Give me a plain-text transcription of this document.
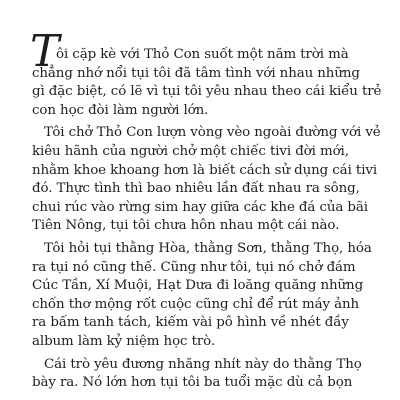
T

ôi cặp kè với Thỏ Con suốt một năm trời mà

chẳng nhớ nổi tụi tôi đã tâm tình với nhau những

gì đặc biệt, có lẽ vì tụi tôi yêu nhau theo cái kiểu trẻ

con học đòi làm người lớn.

Tôi chở Thỏ Con lượn vòng vèo ngoài đường với vẻ

kiêu hãnh của người chở một chiếc tivi đời mới,

nhằm khoe khoang hơn là biết cách sử dụng cái tivi

đó. Thực tình thì bao nhiêu lần đất nhau ra sông,

chui rúc vào rừng sim hay giữa các khe đá của bãi

Tiên Nông, tụi tôi chưa hôn nhau một cái nào.

Tôi hỏi tụi thằng Hòa, thằng Sơn, thằng Thọ, hóa

ra tụi nó cũng thế. Cũng như tôi, tụi nó chở đám

Cúc Tần, Xí Muội, Hạt Dưa đi loăng quăng những

chốn thơ mộng rốt cuộc cũng chỉ để rút máy ảnh

ra bấm tanh tách, kiếm vài pô hình về nhét đầy

album làm kỷ niệm học trò.

Cái trò yêu đương nhăng nhít này do thằng Thọ

bày ra. Nó lớn hơn tụi tôi ba tuổi mặc dù cả bọn
